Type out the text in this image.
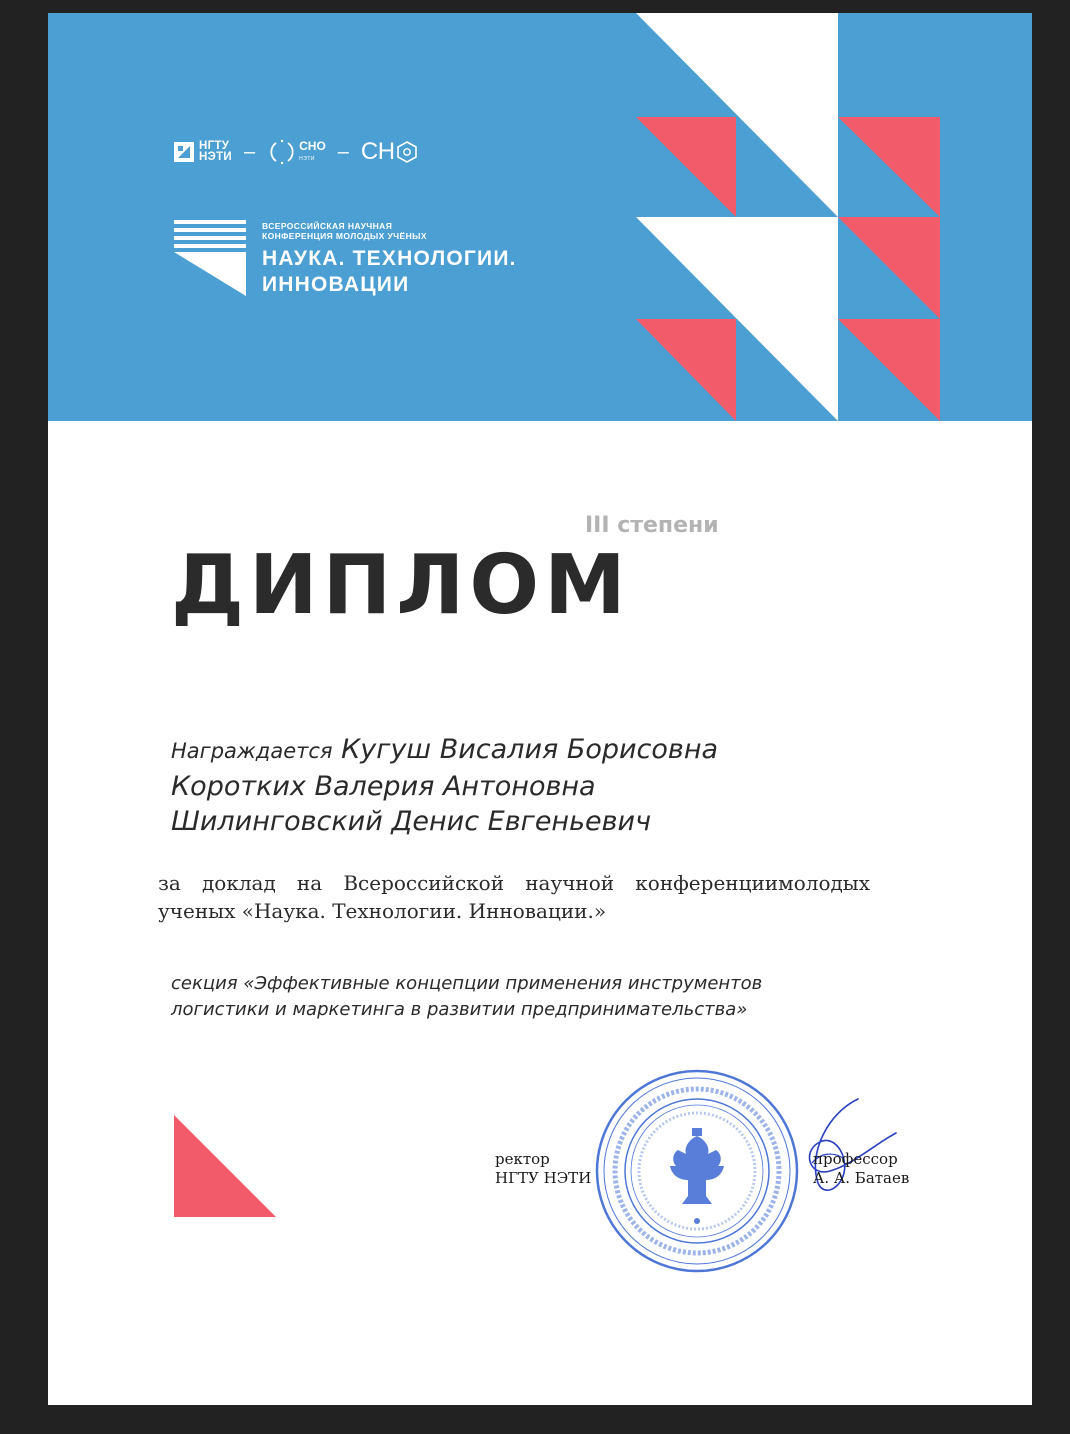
НГТУ
НЭТИ –	СНО
НЭТИ	– СН
ВСЕРОССИЙСКАЯ НАУЧНАЯ
КОНФЕРЕНЦИЯ МОЛОДЫХ УЧЁНЫХ
НАУКА. ТЕХНОЛОГИИ.
ИННОВАЦИИ
III степени
ДИПЛОМ
Награждается Кугуш Висалия Борисовна
Коротких Валерия Антоновна
Шилинговский Денис Евгеньевич
за доклад на Всероссийской научной конференциимолодых
ученых «Наука. Технологии. Инновации.»
секция «Эффективные концепции применения инструментов
логистики и маркетинга в развитии предпринимательства»
ректор
НГТУ НЭТИ
профессор
А. А. Батаев
